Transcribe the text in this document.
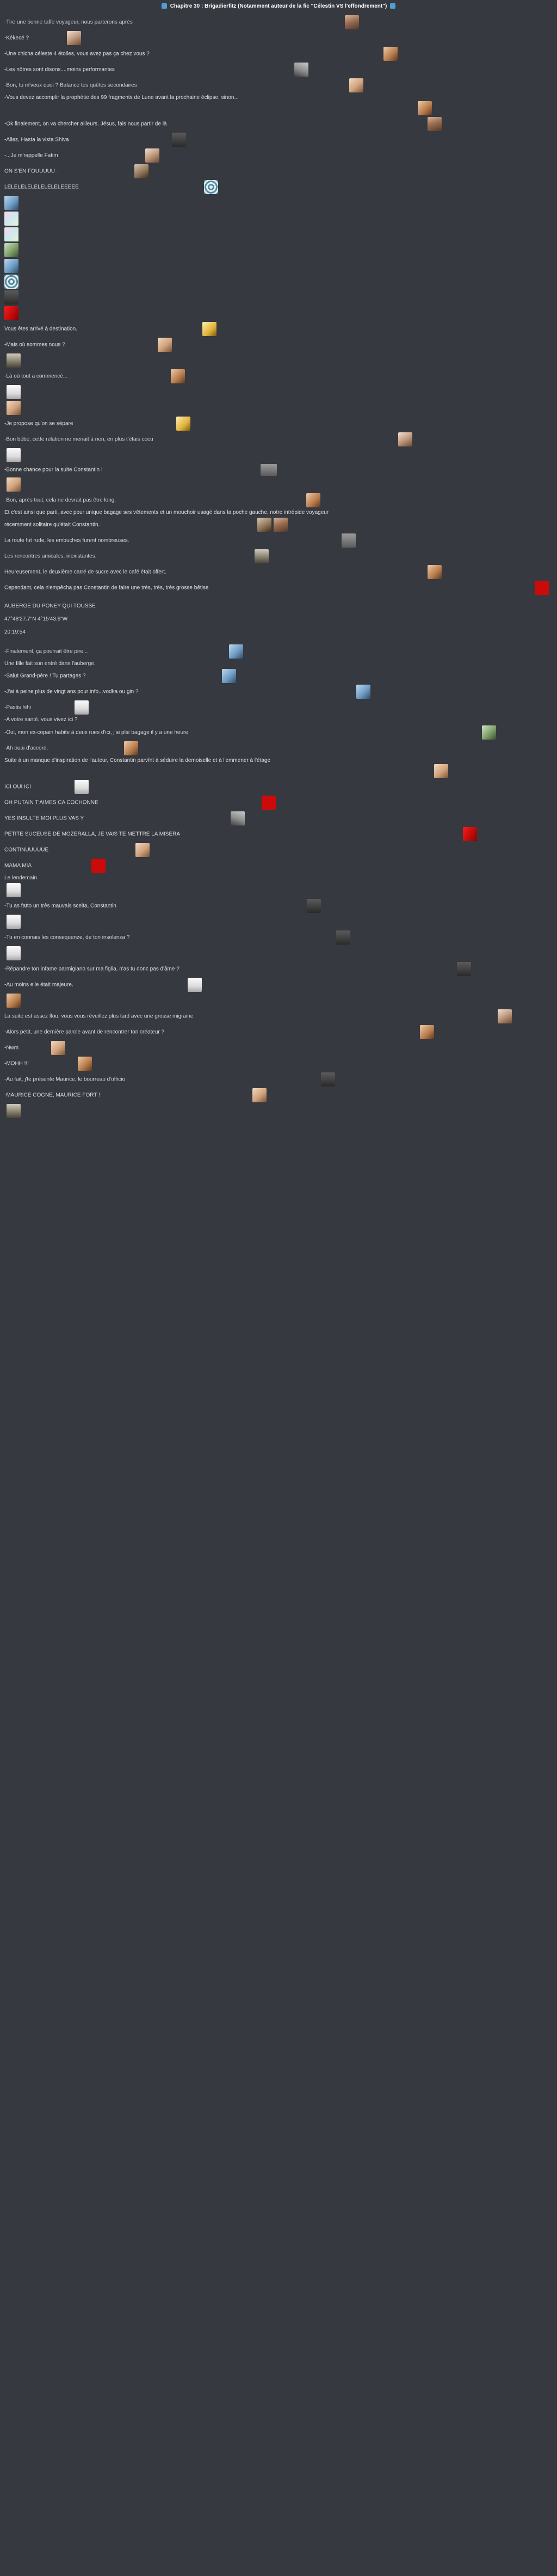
Chapitre 30 : Brigadierfitz (Notamment auteur de la fic "Célestin VS l'effondrement")
-Tire une bonne taffe voyageur, nous parterons après
-Kékecé ?
-Une chicha céleste 4 étoiles, vous avez pas ça chez vous ?
-Les nôtres sont disons....moins performantes
-Bon, tu m'veux quoi ? Balance tes quêtes secondaires
-Vous devez accomplir la prophétie des 99 fragments de Lune avant la prochaine éclipse, sinon...
-Ok finalement, on va chercher ailleurs. Jésus, fais nous partir de là
-Allez, Hasta la vista Shiva
-...Je m'rappelle Fatim
ON S'EN FOUUUUU -
LELELELELELELELELEEEEE
Vous êtes arrivé à destination.
-Mais où sommes nous ?
-Là où tout a commencé...
-Je propose qu'on se sépare
-Bon bébé, cette relation ne menait à rien, en plus t'étais cocu
-Bonne chance pour la suite Constantin !
-Bon, après tout, cela ne devrait pas être long.
Et c'est ainsi que parti, avec pour unique bagage ses vêtements et un mouchoir usagé dans la poche gauche, notre intrépide voyageur
récemment solitaire qu'était Constantin.
La route fut rude, les embuches furent nombreuses.
Les rencontres amicales, inexistantes.
Heureusement, le deuxième carré de sucre avec le café était offert.
Cependant, cela n'empêcha pas Constantin de faire une très, très, très grosse bêtise

AUBERGE DU PONEY QUI TOUSSE

47°48'27.7"N 4°15'43.6"W

20:19:54

-Finalement, ça pourrait être pire...
Une fille fait son entré dans l'auberge.
-Salut Grand-père ! Tu partages ?
-J'ai à peine plus de vingt ans pour info...vodka ou gin ?
-Pastis hihi
-A votre santé, vous vivez ici ?
-Oui, mon ex-copain habite à deux rues d'ici, j'ai plié bagage il y a une heure
-Ah ouai d'accord.
Suite à un manque d'inspiration de l'auteur, Constantin parvînt à séduire la demoiselle et à l'emmener à l'étage
ICI OUI ICI
OH PUTAIN T'AIMES CA COCHONNE
YES INSULTE MOI PLUS VAS Y
PETITE SUCEUSE DE MOZERALLA, JE VAIS TE METTRE LA MISERA
CONTINUUUUUE
MAMA MIA
Le lendemain.
-Tu as fatto un très mauvais scelta, Constantin
-Tu en connais les consequenze, de ton insolenza ?
-Répandre ton infame parmigiano sur ma figlia, n'as tu donc pas d'âme ?
-Au moins elle était majeure.
La suite est assez flou, vous vous réveillez plus tard avec une grosse migraine
-Alors petit, une dernière parole avant de rencontrer ton créateur ?
-Nwm
-MOHH !!!
-Au fait, j'te présente Maurice, le bourreau d'officio
-MAURICE COGNE, MAURICE FORT !
